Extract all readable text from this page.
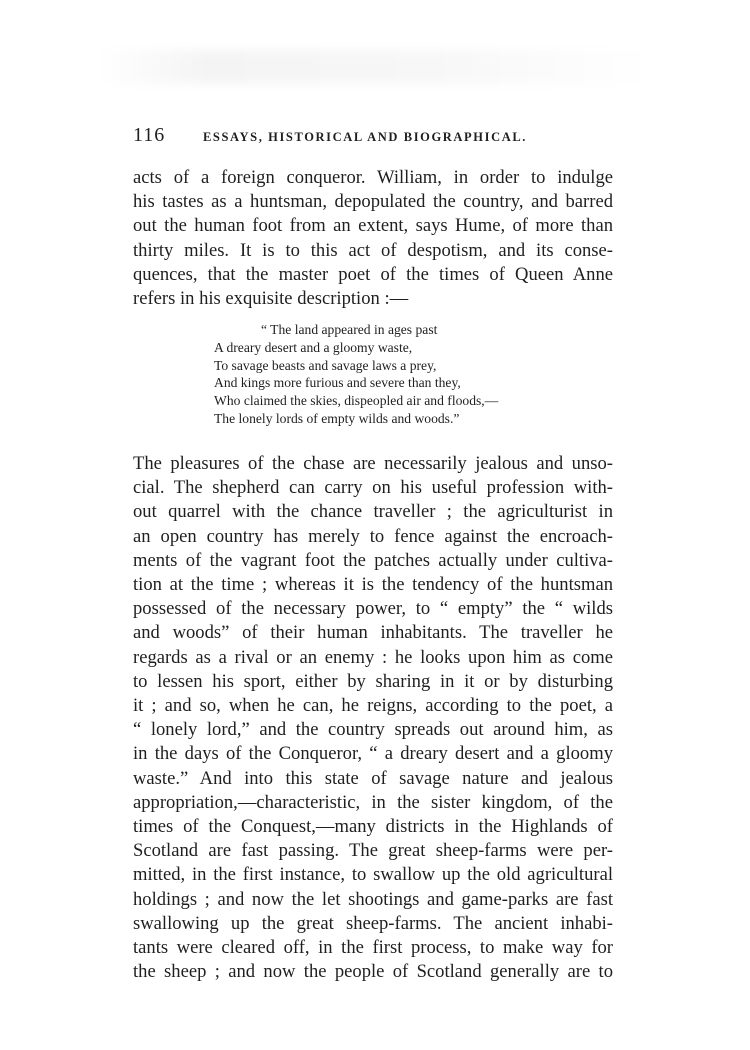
116	ESSAYS, HISTORICAL AND BIOGRAPHICAL.

acts of a foreign conqueror. William, in order to indulge
his tastes as a huntsman, depopulated the country, and barred
out the human foot from an extent, says Hume, of more than
thirty miles. It is to this act of despotism, and its conse-
quences, that the master poet of the times of Queen Anne
refers in his exquisite description :—

“ The land appeared in ages past
A dreary desert and a gloomy waste,
To savage beasts and savage laws a prey,
And kings more furious and severe than they,
Who claimed the skies, dispeopled air and floods,—
The lonely lords of empty wilds and woods.”

The pleasures of the chase are necessarily jealous and unso-
cial. The shepherd can carry on his useful profession with-
out quarrel with the chance traveller ; the agriculturist in
an open country has merely to fence against the encroach-
ments of the vagrant foot the patches actually under cultiva-
tion at the time ; whereas it is the tendency of the huntsman
possessed of the necessary power, to “ empty” the “ wilds
and woods” of their human inhabitants. The traveller he
regards as a rival or an enemy : he looks upon him as come
to lessen his sport, either by sharing in it or by disturbing
it ; and so, when he can, he reigns, according to the poet, a
“ lonely lord,” and the country spreads out around him, as
in the days of the Conqueror, “ a dreary desert and a gloomy
waste.” And into this state of savage nature and jealous
appropriation,—characteristic, in the sister kingdom, of the
times of the Conquest,—many districts in the Highlands of
Scotland are fast passing. The great sheep-farms were per-
mitted, in the first instance, to swallow up the old agricultural
holdings ; and now the let shootings and game-parks are fast
swallowing up the great sheep-farms. The ancient inhabi-
tants were cleared off, in the first process, to make way for
the sheep ; and now the people of Scotland generally are to
